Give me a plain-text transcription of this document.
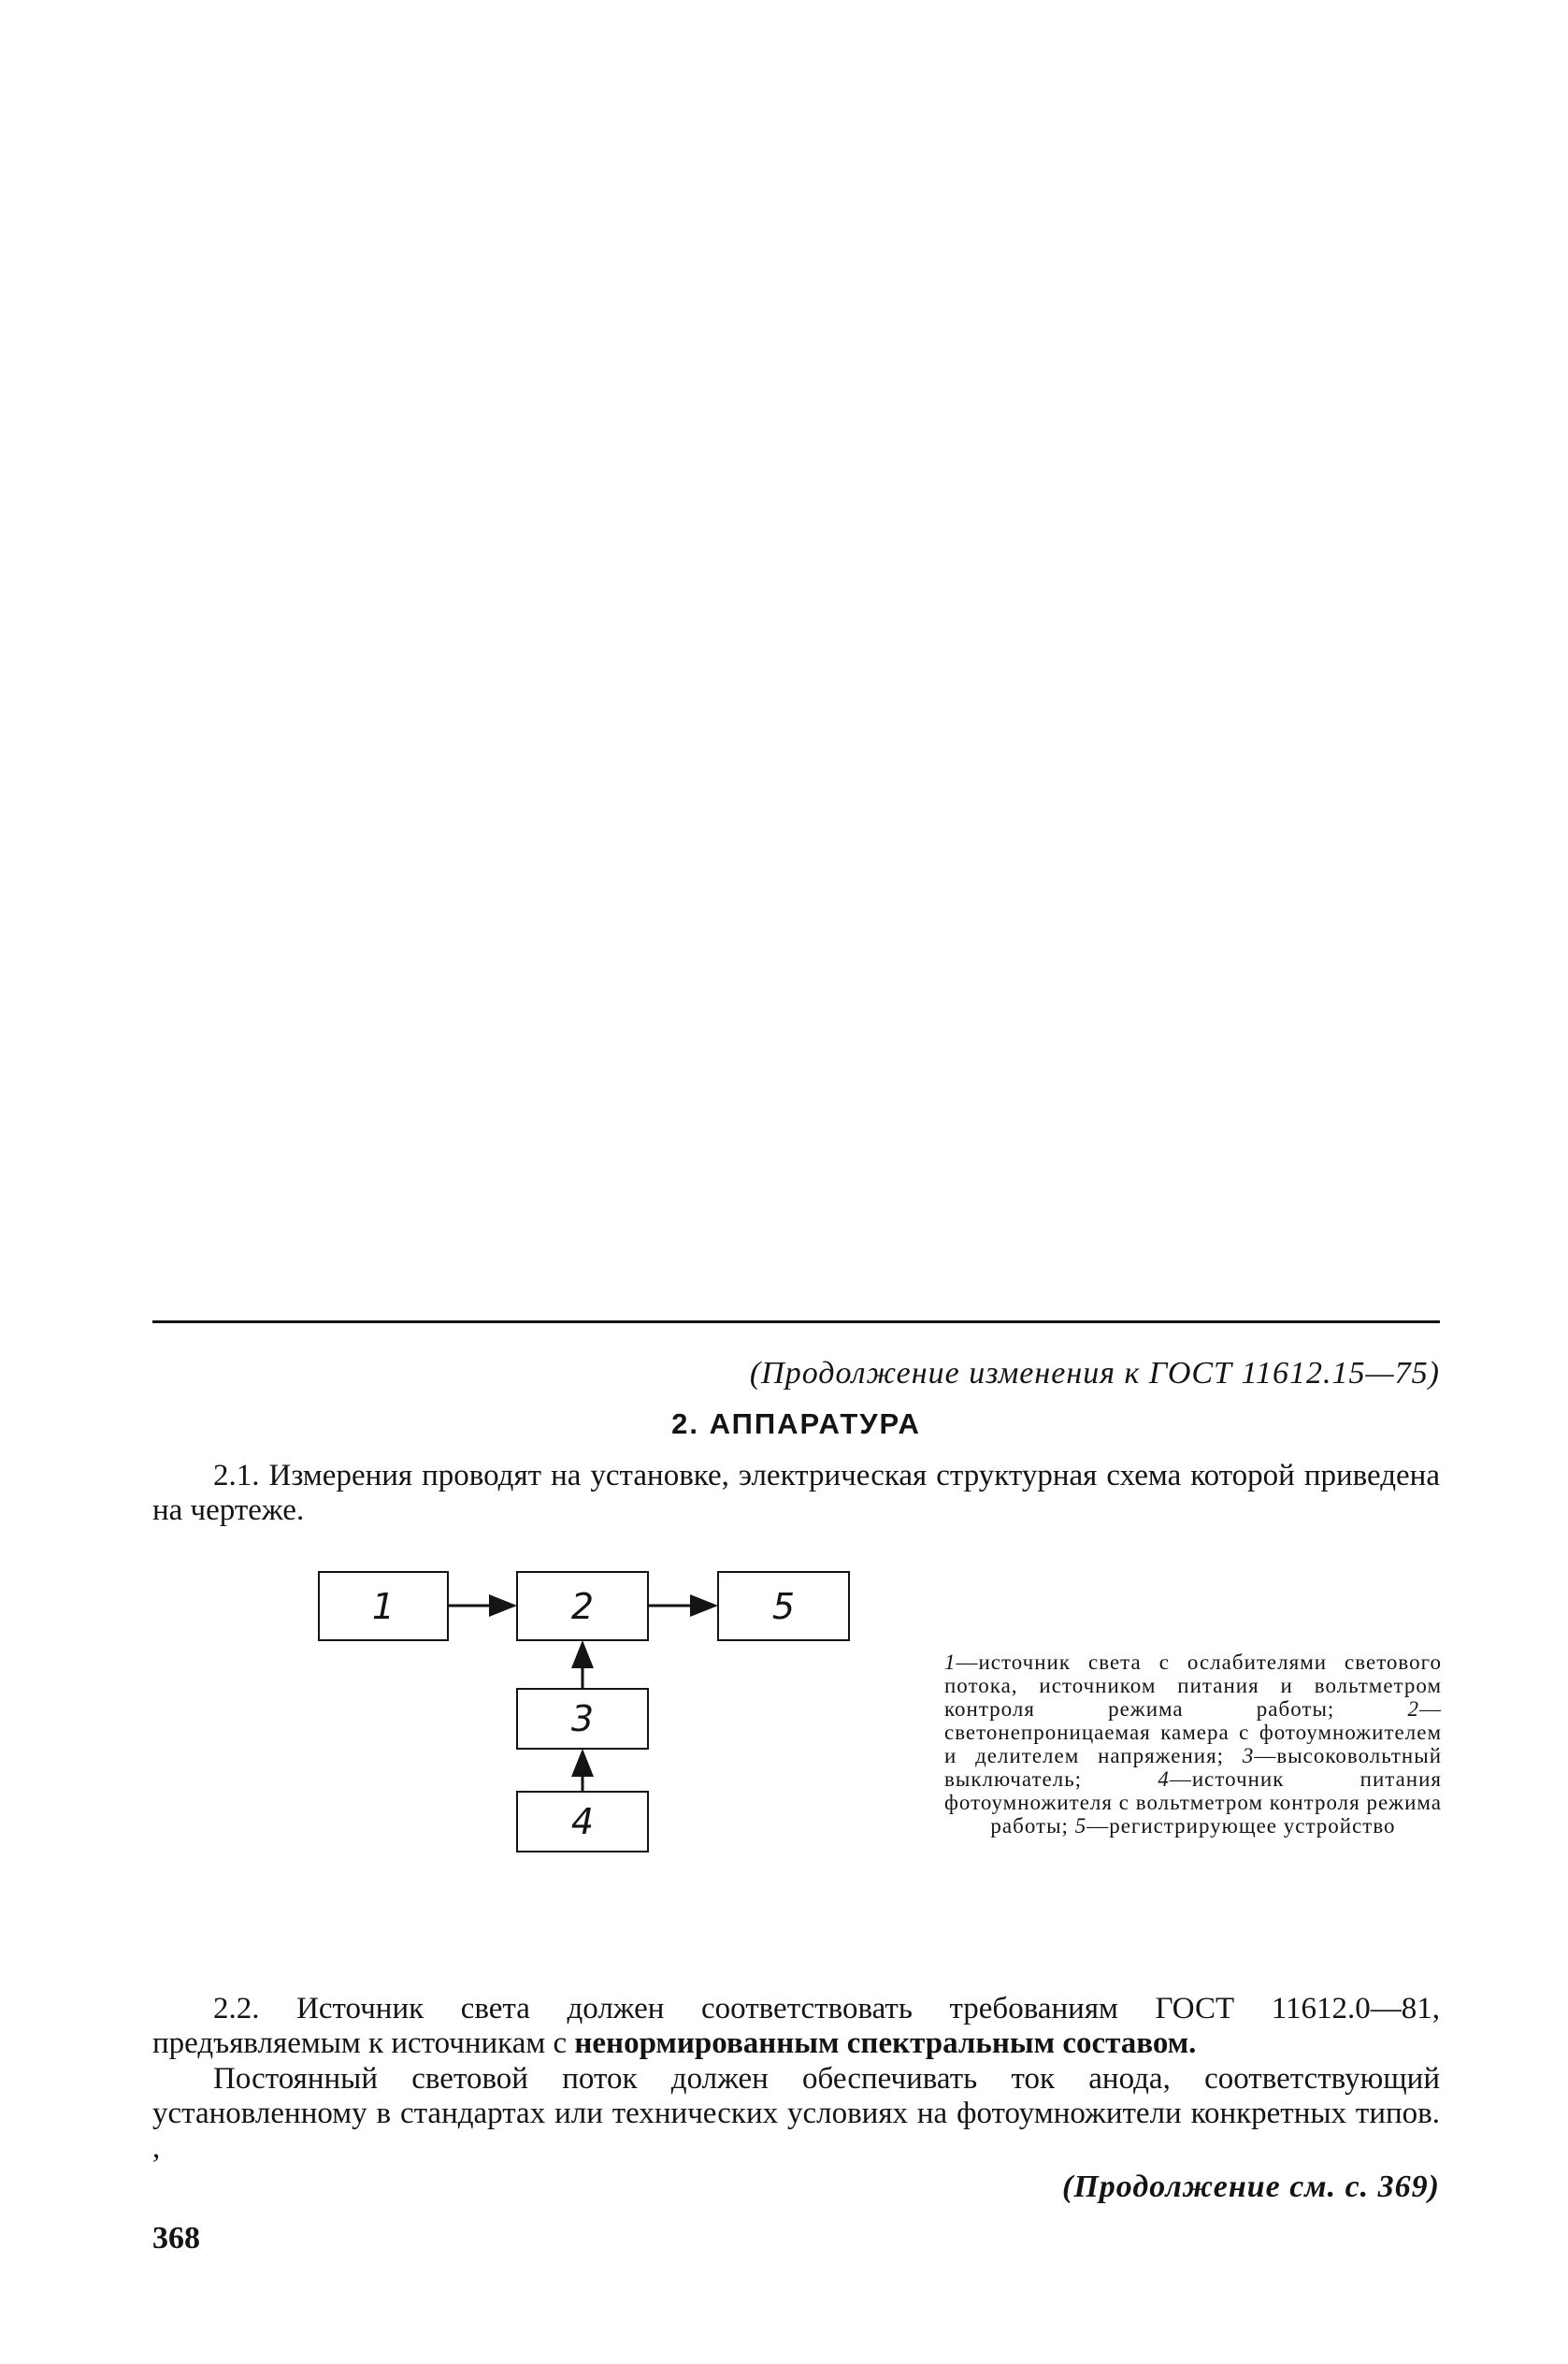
(Продолжение изменения к ГОСТ 11612.15—75)
2. АППАРАТУРА
2.1. Измерения проводят на установке, электрическая структурная схема которой приведена на чертеже.
1	2	5
3
4
1—источник света с ослабителями светового потока, источником питания и вольтметром контроля режима работы; 2—светонепроницаемая камера с фотоумножителем и делителем напряжения; 3—высоковольтный выключатель; 4—источник питания фотоумножителя с вольтметром контроля режима работы; 5—регистрирующее устройство
2.2. Источник света должен соответствовать требованиям ГОСТ 11612.0—81, предъявляемым к источникам с ненормированным спектральным составом.
Постоянный световой поток должен обеспечивать ток анода, соответствующий установленному в стандартах или технических условиях на фотоумножители конкретных типов. ,
(Продолжение см. с. 369)
368
